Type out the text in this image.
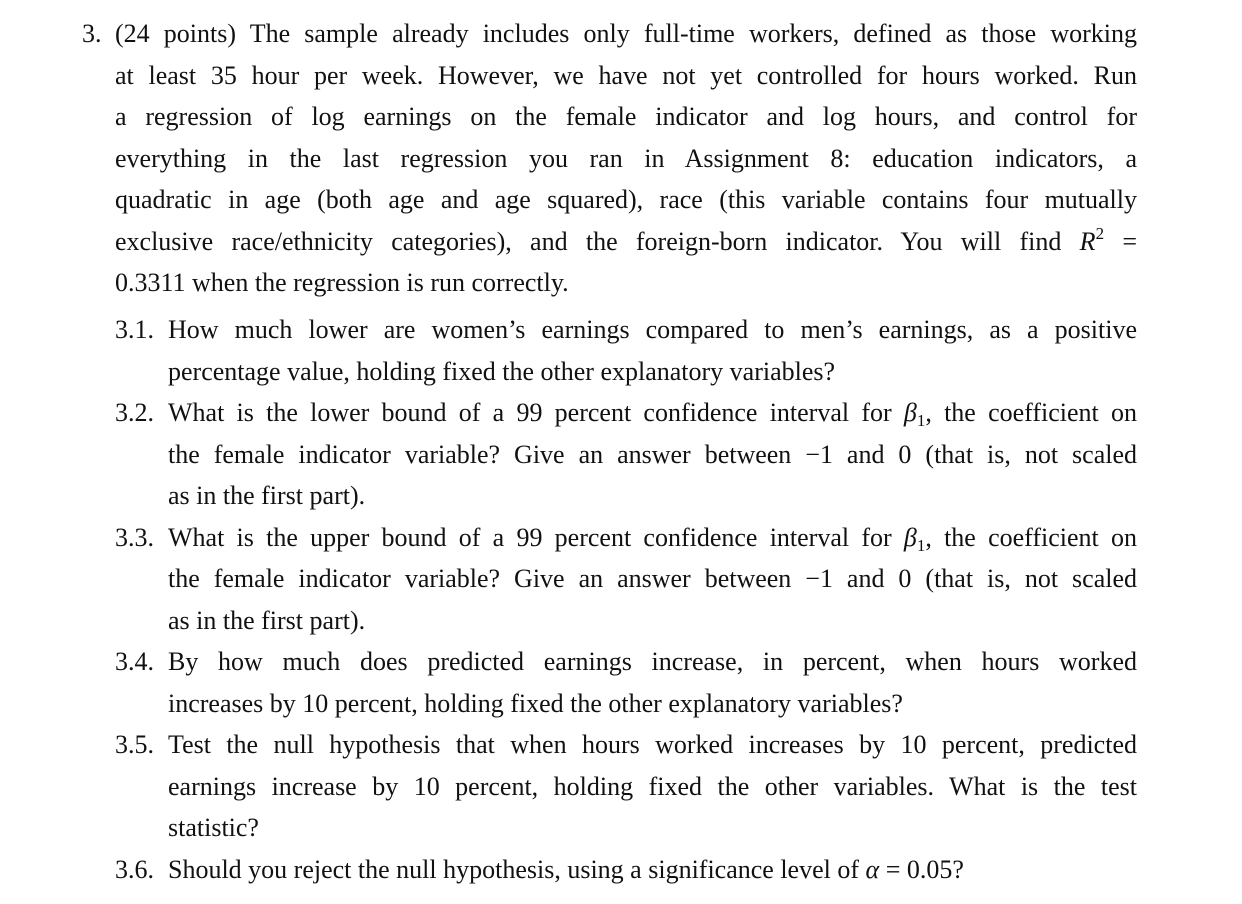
3. (24 points) The sample already includes only full-time workers, defined as those working
at least 35 hour per week. However, we have not yet controlled for hours worked. Run
a regression of log earnings on the female indicator and log hours, and control for
everything in the last regression you ran in Assignment 8: education indicators, a
quadratic in age (both age and age squared), race (this variable contains four mutually
exclusive race/ethnicity categories), and the foreign-born indicator. You will find $R^2$ =
0.3311 when the regression is run correctly.
3.1. How much lower are women’s earnings compared to men’s earnings, as a positive
percentage value, holding fixed the other explanatory variables?
3.2. What is the lower bound of a 99 percent confidence interval for $\beta_1$, the coefficient on
the female indicator variable? Give an answer between −1 and 0 (that is, not scaled
as in the first part).
3.3. What is the upper bound of a 99 percent confidence interval for $\beta_1$, the coefficient on
the female indicator variable? Give an answer between −1 and 0 (that is, not scaled
as in the first part).
3.4. By how much does predicted earnings increase, in percent, when hours worked
increases by 10 percent, holding fixed the other explanatory variables?
3.5. Test the null hypothesis that when hours worked increases by 10 percent, predicted
earnings increase by 10 percent, holding fixed the other variables. What is the test
statistic?
3.6. Should you reject the null hypothesis, using a significance level of α = 0.05?
